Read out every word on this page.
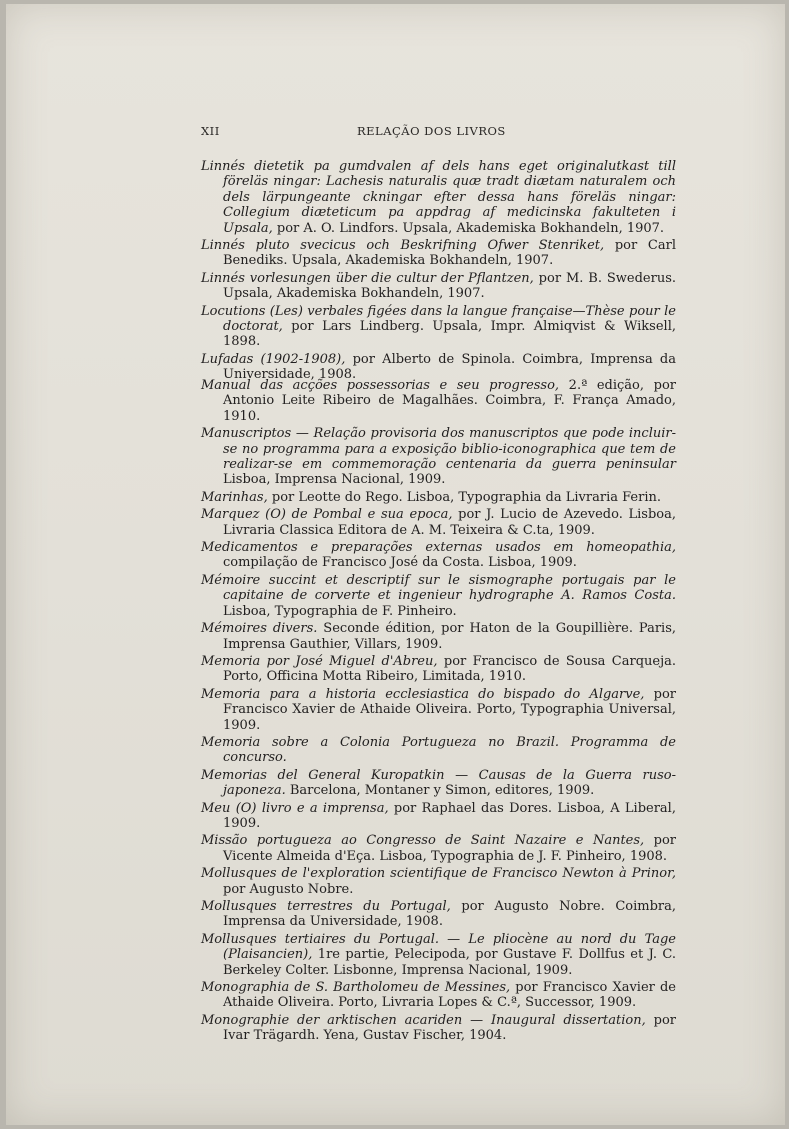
XII	RELAÇÃO DOS LIVROS

Linnés dietetik pa gumdvalen af dels hans eget originalutkast till föreläs ningar: Lachesis naturalis quæ tradt diætam naturalem och dels lärpungeante ckningar efter dessa hans föreläs ningar: Collegium diæteticum pa appdrag af medicinska fakulteten i Upsala, por A. O. Lindfors. Upsala, Akademiska Bokhandeln, 1907.

Linnés pluto svecicus och Beskrifning Ofwer Stenriket, por Carl Benediks. Upsala, Akademiska Bokhandeln, 1907.

Linnés vorlesungen über die cultur der Pflantzen, por M. B. Swederus. Upsala, Akademiska Bokhandeln, 1907.

Locutions (Les) verbales figées dans la langue française—Thèse pour le doctorat, por Lars Lindberg. Upsala, Impr. Almiqvist & Wiksell, 1898.

Lufadas (1902-1908), por Alberto de Spinola. Coimbra, Imprensa da Universidade, 1908.

Manual das acções possessorias e seu progresso, 2.ª edição, por Antonio Leite Ribeiro de Magalhães. Coimbra, F. França Amado, 1910.

Manuscriptos — Relação provisoria dos manuscriptos que pode incluir-se no programma para a exposição biblio-iconographica que tem de realizar-se em commemoração centenaria da guerra peninsular Lisboa, Imprensa Nacional, 1909.

Marinhas, por Leotte do Rego. Lisboa, Typographia da Livraria Ferin.

Marquez (O) de Pombal e sua epoca, por J. Lucio de Azevedo. Lisboa, Livraria Classica Editora de A. M. Teixeira & C.ta, 1909.

Medicamentos e preparações externas usados em homeopathia, compilação de Francisco José da Costa. Lisboa, 1909.

Mémoire succint et descriptif sur le sismographe portugais par le capitaine de corverte et ingenieur hydrographe A. Ramos Costa. Lisboa, Typographia de F. Pinheiro.

Mémoires divers. Seconde édition, por Haton de la Goupillière. Paris, Imprensa Gauthier, Villars, 1909.

Memoria por José Miguel d'Abreu, por Francisco de Sousa Carqueja. Porto, Officina Motta Ribeiro, Limitada, 1910.

Memoria para a historia ecclesiastica do bispado do Algarve, por Francisco Xavier de Athaide Oliveira. Porto, Typographia Universal, 1909.

Memoria sobre a Colonia Portugueza no Brazil. Programma de concurso.

Memorias del General Kuropatkin — Causas de la Guerra ruso-japoneza. Barcelona, Montaner y Simon, editores, 1909.

Meu (O) livro e a imprensa, por Raphael das Dores. Lisboa, A Liberal, 1909.

Missão portugueza ao Congresso de Saint Nazaire e Nantes, por Vicente Almeida d'Eça. Lisboa, Typographia de J. F. Pinheiro, 1908.

Mollusques de l'exploration scientifique de Francisco Newton à Prinor, por Augusto Nobre.

Mollusques terrestres du Portugal, por Augusto Nobre. Coimbra, Imprensa da Universidade, 1908.

Mollusques tertiaires du Portugal. — Le pliocène au nord du Tage (Plaisancien), 1re partie, Pelecipoda, por Gustave F. Dollfus et J. C. Berkeley Colter. Lisbonne, Imprensa Nacional, 1909.

Monographia de S. Bartholomeu de Messines, por Francisco Xavier de Athaide Oliveira. Porto, Livraria Lopes & C.ª, Successor, 1909.

Monographie der arktischen acariden — Inaugural dissertation, por Ivar Trägardh. Yena, Gustav Fischer, 1904.
